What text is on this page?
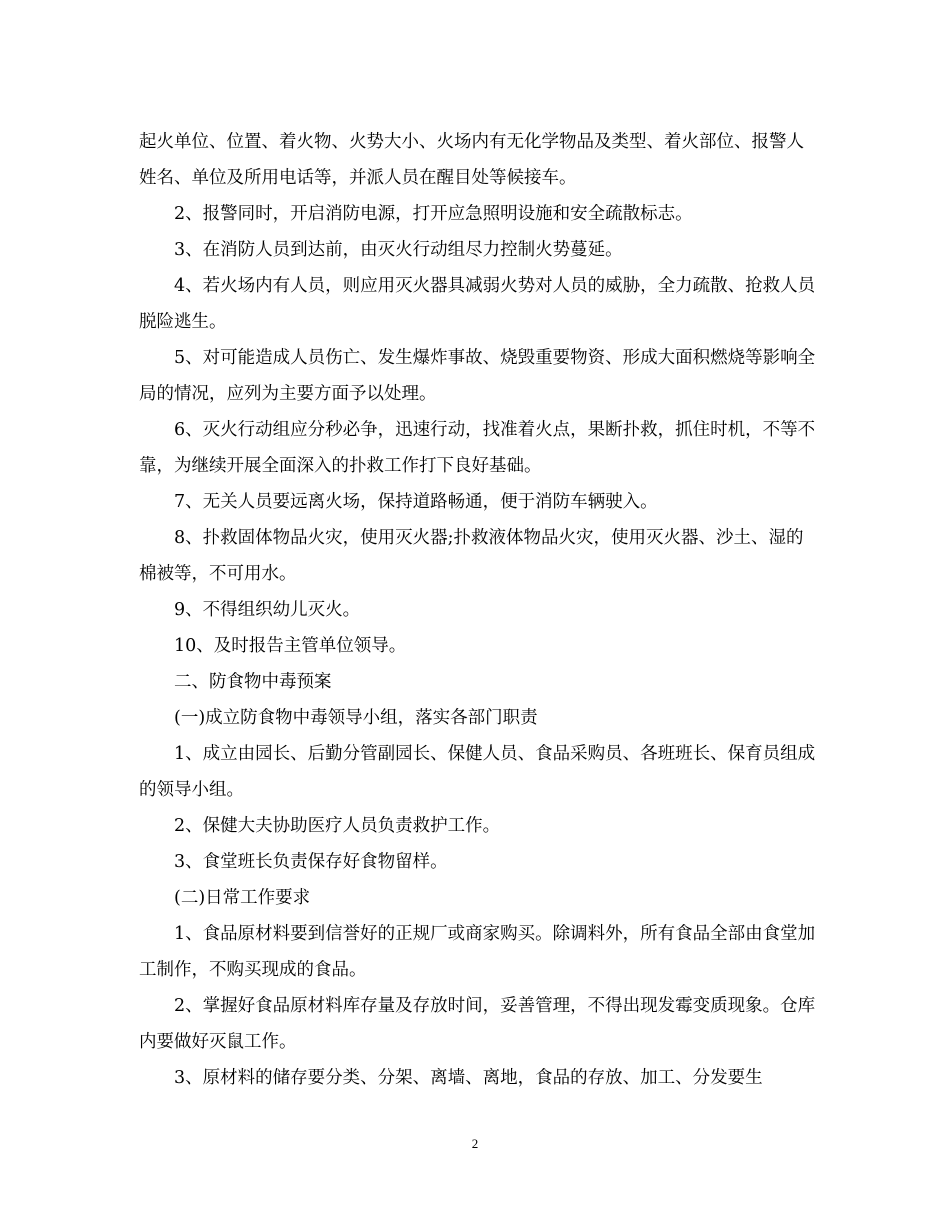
起火单位、位置、着火物、火势大小、火场内有无化学物品及类型、着火部位、报警人姓名、单位及所用电话等，并派人员在醒目处等候接车。

2、报警同时，开启消防电源，打开应急照明设施和安全疏散标志。

3、在消防人员到达前，由灭火行动组尽力控制火势蔓延。

4、若火场内有人员，则应用灭火器具减弱火势对人员的威胁，全力疏散、抢救人员脱险逃生。

5、对可能造成人员伤亡、发生爆炸事故、烧毁重要物资、形成大面积燃烧等影响全局的情况，应列为主要方面予以处理。

6、灭火行动组应分秒必争，迅速行动，找准着火点，果断扑救，抓住时机，不等不靠，为继续开展全面深入的扑救工作打下良好基础。

7、无关人员要远离火场，保持道路畅通，便于消防车辆驶入。

8、扑救固体物品火灾，使用灭火器;扑救液体物品火灾，使用灭火器、沙土、湿的棉被等，不可用水。

9、不得组织幼儿灭火。

10、及时报告主管单位领导。

二、防食物中毒预案

(一)成立防食物中毒领导小组，落实各部门职责

1、成立由园长、后勤分管副园长、保健人员、食品采购员、各班班长、保育员组成的领导小组。

2、保健大夫协助医疗人员负责救护工作。

3、食堂班长负责保存好食物留样。

(二)日常工作要求

1、食品原材料要到信誉好的正规厂或商家购买。除调料外，所有食品全部由食堂加工制作，不购买现成的食品。

2、掌握好食品原材料库存量及存放时间，妥善管理，不得出现发霉变质现象。仓库内要做好灭鼠工作。

3、原材料的储存要分类、分架、离墙、离地，食品的存放、加工、分发要生

2
